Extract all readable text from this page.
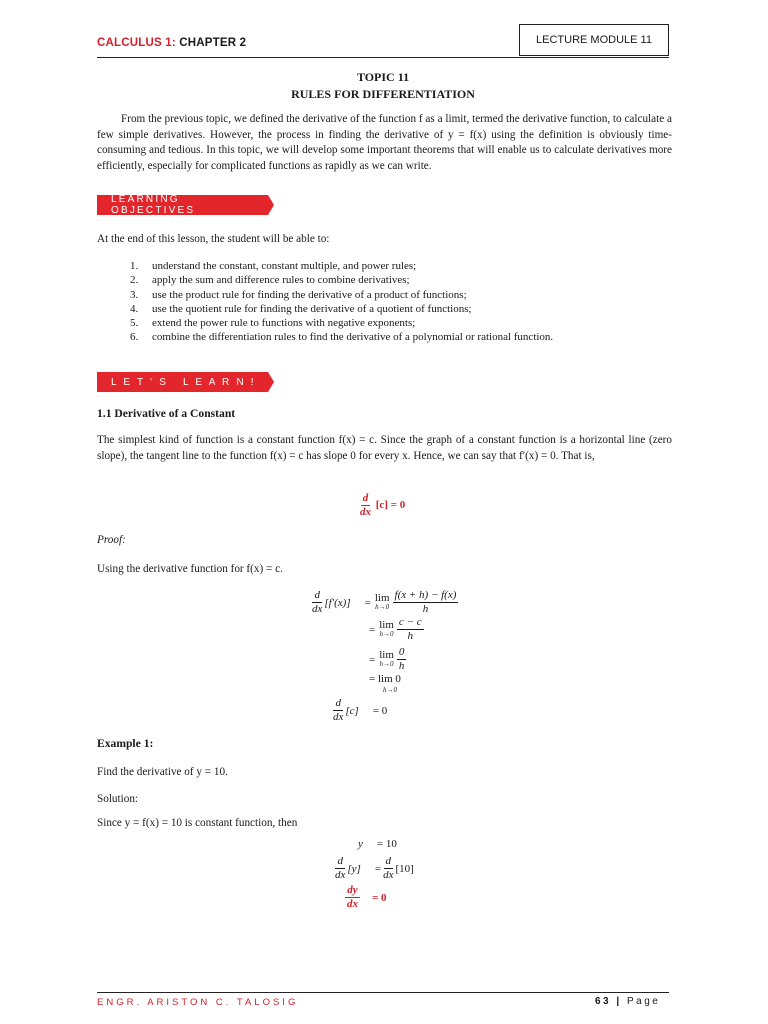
CALCULUS 1: CHAPTER 2	LECTURE MODULE 11
TOPIC 11
RULES FOR DIFFERENTIATION
From the previous topic, we defined the derivative of the function f as a limit, termed the derivative function, to calculate a few simple derivatives. However, the process in finding the derivative of y = f(x) using the definition is obviously time-consuming and tedious. In this topic, we will develop some important theorems that will enable us to calculate derivatives more efficiently, especially for complicated functions as rapidly as we can write.
LEARNING OBJECTIVES
At the end of this lesson, the student will be able to:
1.	understand the constant, constant multiple, and power rules;
2.	apply the sum and difference rules to combine derivatives;
3.	use the product rule for finding the derivative of a product of functions;
4.	use the quotient rule for finding the derivative of a quotient of functions;
5.	extend the power rule to functions with negative exponents;
6.	combine the differentiation rules to find the derivative of a polynomial or rational function.
L E T ' S   L E A R N !
1.1 Derivative of a Constant
The simplest kind of function is a constant function f(x) = c. Since the graph of a constant function is a horizontal line (zero slope), the tangent line to the function f(x) = c has slope 0 for every x. Hence, we can say that f′(x) = 0. That is,
$\frac{d}{dx} [c] = 0$
Proof:
Using the derivative function for f(x) = c.
$\frac{d}{dx} [f'(x)] = \lim$
$h\to 0 \frac{f(x + h) - f(x)}{h}$
= lim
$h\to 0 \frac{c - c}{h}$
= lim
$h\to 0 \frac{0}{h}$
= lim 0
h→0
$\frac{d}{dx} [c] = 0$
Example 1:
Find the derivative of y = 10.
Solution:
Since y = f(x) = 10 is constant function, then
y = 10
$\frac{d}{dx} [y] = \frac{d}{dx} [10]$
$\frac{dy}{dx} = 0$
ENGR. ARISTON C. TALOSIG	63 | Page
